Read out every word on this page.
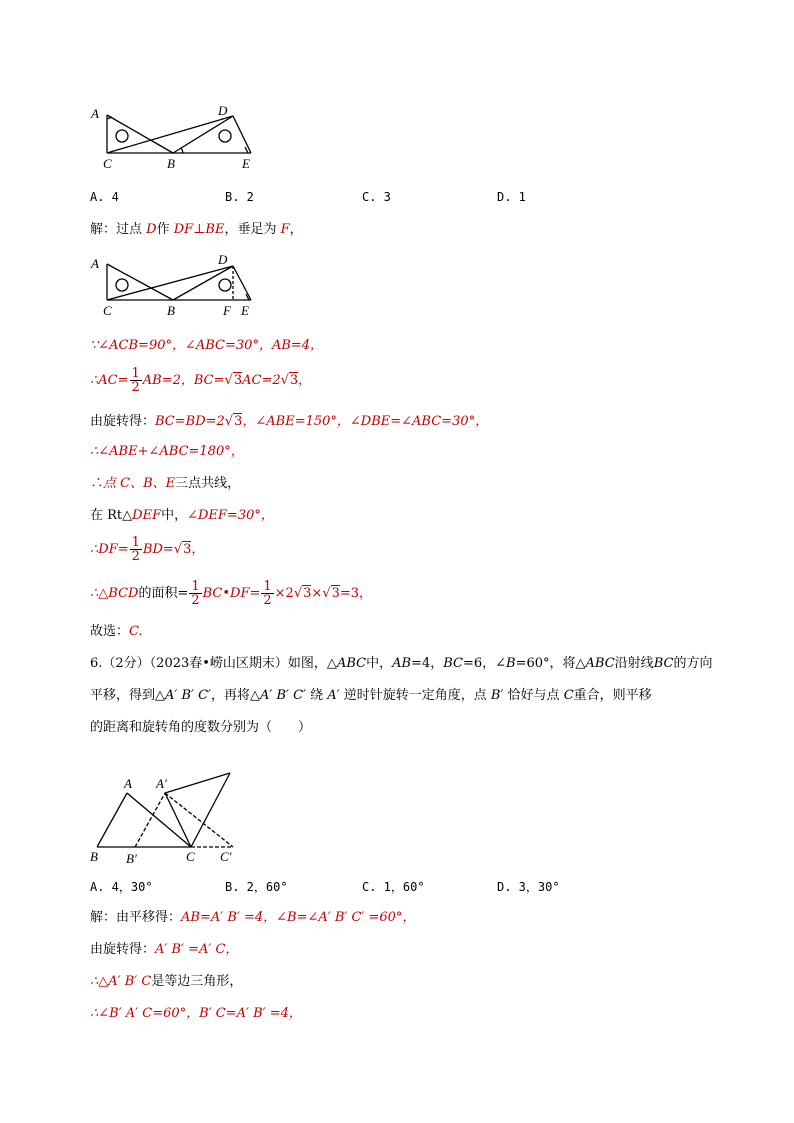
A	D
C	B	E
A. 4	B. 2	C. 3	D. 1
解：过点 D作 DF⊥BE，垂足为 F，
A	D
C	B	F E
∵∠ACB=90°，∠ABC=30°，AB=4，
∴AC= $\frac{1}{2} AB=2$，BC=√3AC=2√3，
由旋转得：BC=BD=2√3，∠ABE=150°，∠DBE=∠ABC=30°，
∴∠ABE+∠ABC=180°，
∴点 C、B、E三点共线，
在 Rt△DEF中，∠DEF=30°，
∴DF= $\frac{1}{2} BD=√3$，
∴△BCD的面积= $\frac{1}{2}$ BC•DF= $\frac{1}{2} \times 2√3\times√3=3$，
故选：C.
6.（2分）（2023春•崂山区期末）如图，△ABC中，AB=4，BC=6，∠B=60°，将△ABC沿射线BC的方向
平移，得到△A′ B′ C′，再将△A′ B′ C′ 绕 A′ 逆时针旋转一定角度，点 B′ 恰好与点 C重合，则平移
的距离和旋转角的度数分别为（　　）
A A′
B B′	C C′
A. 4，30°	B. 2，60°	C. 1，60°	D. 3，30°
解：由平移得：AB=A′ B′ =4，∠B=∠A′ B′ C′ =60°，
由旋转得：A′ B′ =A′ C，
∴△A′ B′ C是等边三角形，
∴∠B′ A′ C=60°，B′ C=A′ B′ =4，
